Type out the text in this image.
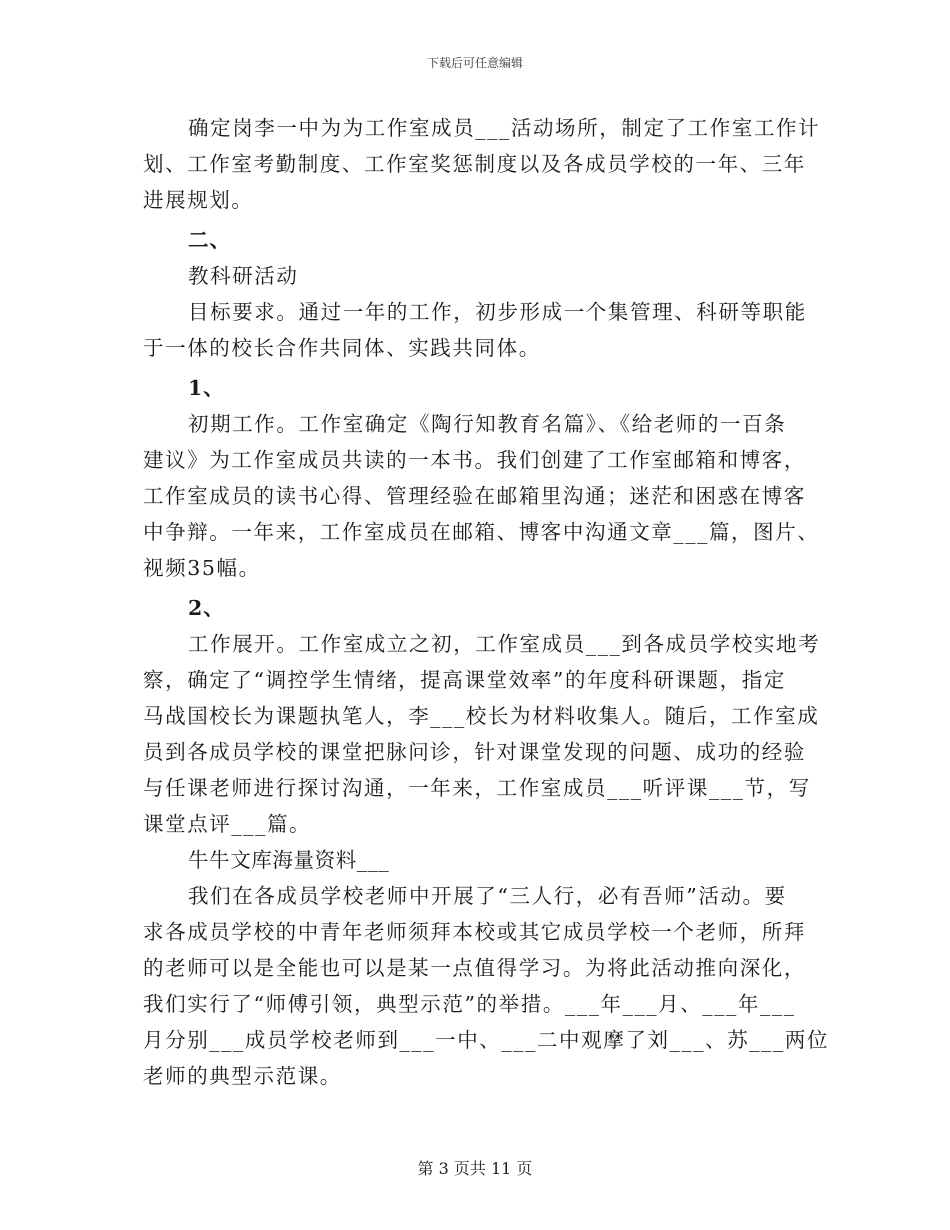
下载后可任意编辑
确定岗李一中为为工作室成员___活动场所，制定了工作室工作计
划、工作室考勤制度、工作室奖惩制度以及各成员学校的一年、三年
进展规划。
二、
教科研活动
目标要求。通过一年的工作，初步形成一个集管理、科研等职能
于一体的校长合作共同体、实践共同体。
1、
初期工作。工作室确定《陶行知教育名篇》、《给老师的一百条
建议》为工作室成员共读的一本书。我们创建了工作室邮箱和博客，
工作室成员的读书心得、管理经验在邮箱里沟通；迷茫和困惑在博客
中争辩。一年来，工作室成员在邮箱、博客中沟通文章___篇，图片、
视频35幅。
2、
工作展开。工作室成立之初，工作室成员___到各成员学校实地考
察，确定了“调控学生情绪，提高课堂效率”的年度科研课题，指定
马战国校长为课题执笔人，李___校长为材料收集人。随后，工作室成
员到各成员学校的课堂把脉问诊，针对课堂发现的问题、成功的经验
与任课老师进行探讨沟通，一年来，工作室成员___听评课___节，写
课堂点评___篇。
牛牛文库海量资料___
我们在各成员学校老师中开展了“三人行，必有吾师”活动。要
求各成员学校的中青年老师须拜本校或其它成员学校一个老师，所拜
的老师可以是全能也可以是某一点值得学习。为将此活动推向深化，
我们实行了“师傅引领，典型示范”的举措。___年___月、___年___
月分别___成员学校老师到___一中、___二中观摩了刘___、苏___两位
老师的典型示范课。
第 3 页共 11 页
